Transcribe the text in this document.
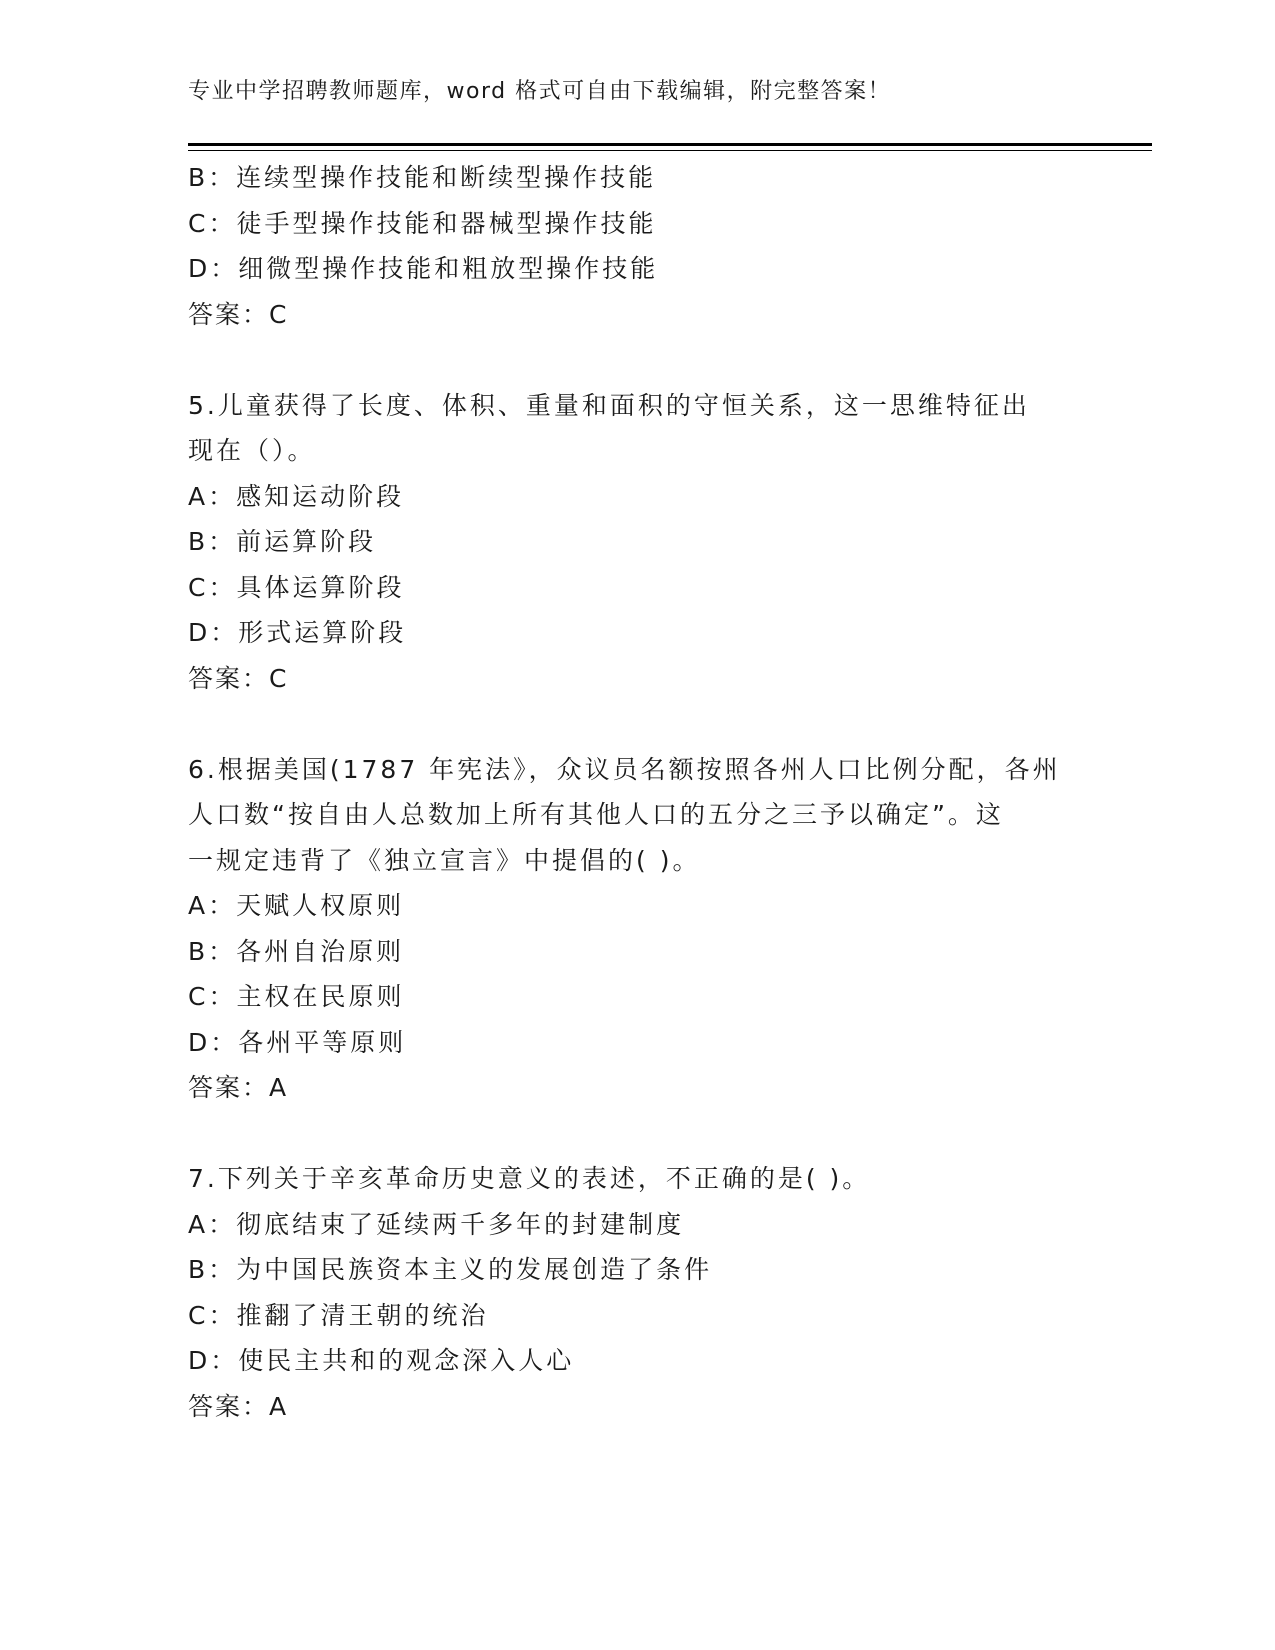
专业中学招聘教师题库，word 格式可自由下载编辑，附完整答案！
B：连续型操作技能和断续型操作技能
C：徒手型操作技能和器械型操作技能
D：细微型操作技能和粗放型操作技能
答案：C
5.儿童获得了长度、体积、重量和面积的守恒关系，这一思维特征出
现在（）。
A：感知运动阶段
B：前运算阶段
C：具体运算阶段
D：形式运算阶段
答案：C
6.根据美国(1787 年宪法》，众议员名额按照各州人口比例分配，各州
人口数“按自由人总数加上所有其他人口的五分之三予以确定”。这
一规定违背了《独立宣言》中提倡的( )。
A：天赋人权原则
B：各州自治原则
C：主权在民原则
D：各州平等原则
答案：A
7.下列关于辛亥革命历史意义的表述，不正确的是( )。
A：彻底结束了延续两千多年的封建制度
B：为中国民族资本主义的发展创造了条件
C：推翻了清王朝的统治
D：使民主共和的观念深入人心
答案：A
